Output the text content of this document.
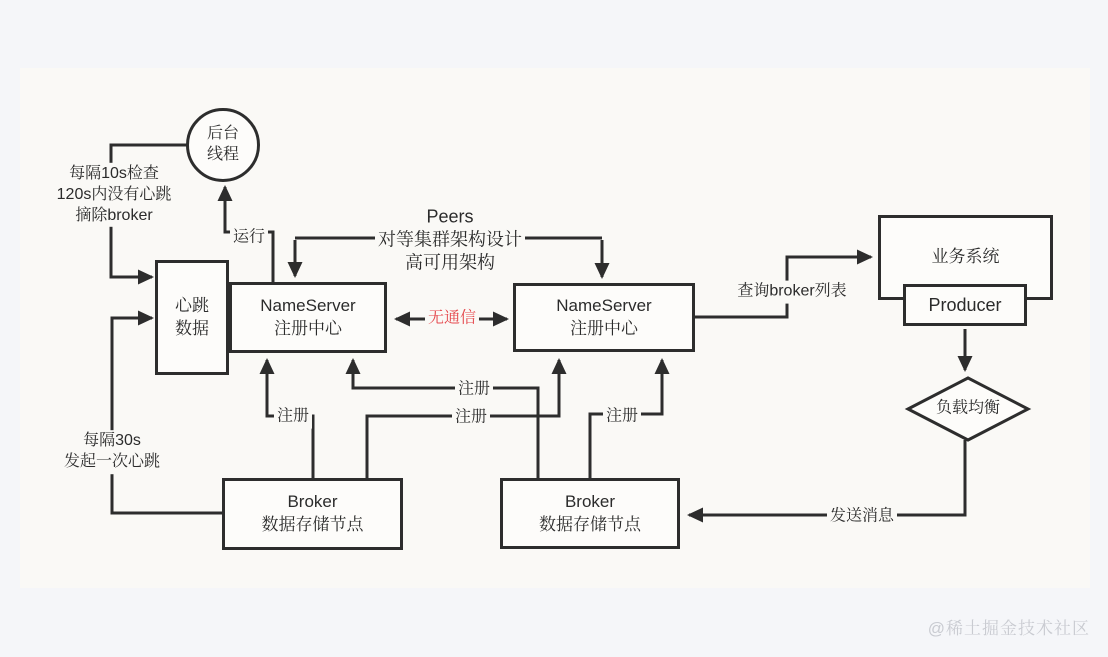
后台
线程
心跳
数据
NameServer
注册中心
NameServer
注册中心
Broker
数据存储节点
Broker
数据存储节点
业务系统
Producer
每隔10s检查
120s内没有心跳
摘除broker
运行
Peers
对等集群架构设计
高可用架构
无通信
查询broker列表
每隔30s
发起一次心跳
注册
注册
注册	注册
发送消息
负载均衡
@稀土掘金技术社区
